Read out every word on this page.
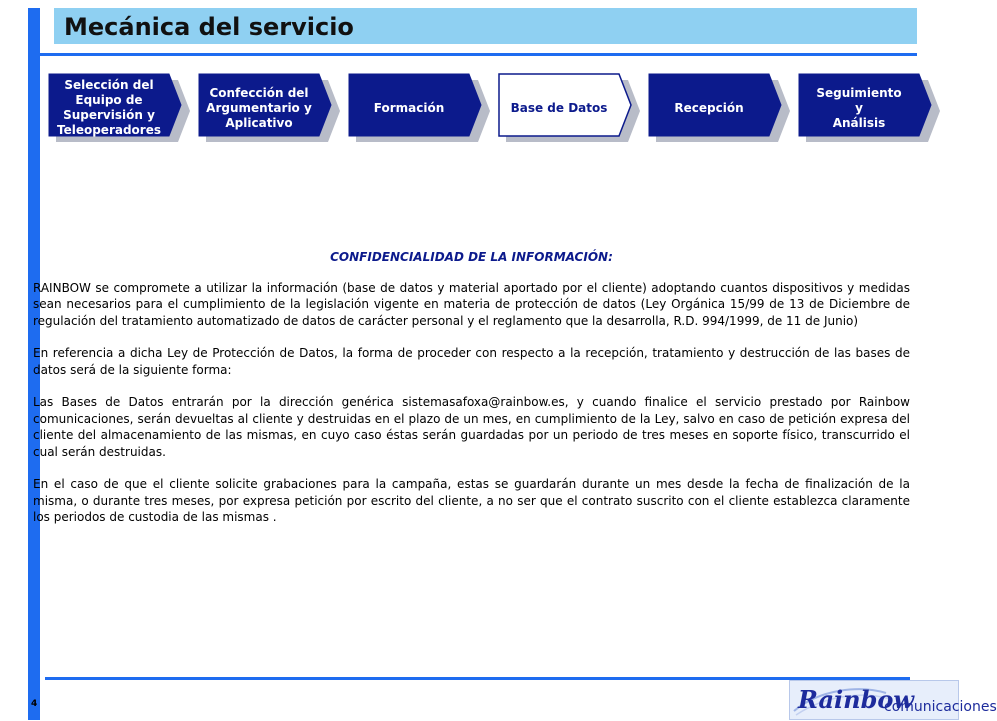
Mecánica del servicio
Selección del
Equipo de
Supervisión y
Teleoperadores
Confección del
Argumentario y
Aplicativo
Formación	Base de Datos	Recepción
Seguimiento
y
Análisis
CONFIDENCIALIDAD DE LA INFORMACIÓN:

RAINBOW se compromete a utilizar la información (base de datos y material aportado por el cliente) adoptando cuantos dispositivos y medidas sean necesarios para el cumplimiento de la legislación vigente en materia de protección de datos (Ley Orgánica 15/99 de 13 de Diciembre de regulación del tratamiento automatizado de datos de carácter personal y el reglamento que la desarrolla, R.D. 994/1999, de 11 de Junio)

En referencia a dicha Ley de Protección de Datos, la forma de proceder con respecto a la recepción, tratamiento y destrucción de las bases de datos será de la siguiente forma:

Las Bases de Datos entrarán por la dirección genérica sistemasafoxa@rainbow.es, y cuando finalice el servicio prestado por Rainbow comunicaciones, serán devueltas al cliente y destruidas en el plazo de un mes, en cumplimiento de la Ley, salvo en caso de petición expresa del cliente del almacenamiento de las mismas, en cuyo caso éstas serán guardadas por un periodo de tres meses en soporte físico, transcurrido el cual serán destruidas.

En el caso de que el cliente solicite grabaciones para la campaña, estas se guardarán durante un mes desde la fecha de finalización de la misma, o durante tres meses, por expresa petición por escrito del cliente, a no ser que el contrato suscrito con el cliente establezca claramente los periodos de custodia de las mismas .

4	Rainbow
comunicaciones
